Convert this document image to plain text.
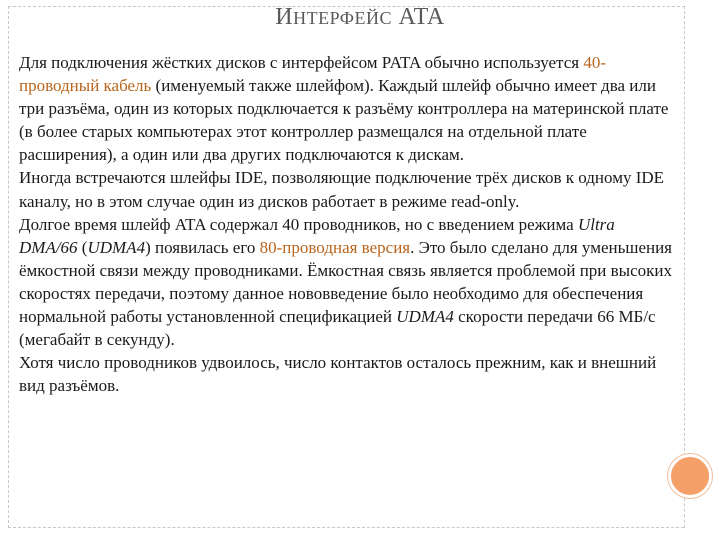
ИНТЕРФЕЙС ATA

Для подключения жёстких дисков с интерфейсом PATA обычно используется 40-проводный кабель (именуемый также шлейфом). Каждый шлейф обычно имеет два или три разъёма, один из которых подключается к разъёму контроллера на материнской плате (в более старых компьютерах этот контроллер размещался на отдельной плате расширения), а один или два других подключаются к дискам.

Иногда встречаются шлейфы IDE, позволяющие подключение трёх дисков к одному IDE каналу, но в этом случае один из дисков работает в режиме read-only.

Долгое время шлейф ATA содержал 40 проводников, но с введением режима Ultra DMA/66 (UDMA4) появилась его 80-проводная версия. Это было сделано для уменьшения ёмкостной связи между проводниками. Ёмкостная связь является проблемой при высоких скоростях передачи, поэтому данное нововведение было необходимо для обеспечения нормальной работы установленной спецификацией UDMA4 скорости передачи 66 МБ/с (мегабайт в секунду).

Хотя число проводников удвоилось, число контактов осталось прежним, как и внешний вид разъёмов.
